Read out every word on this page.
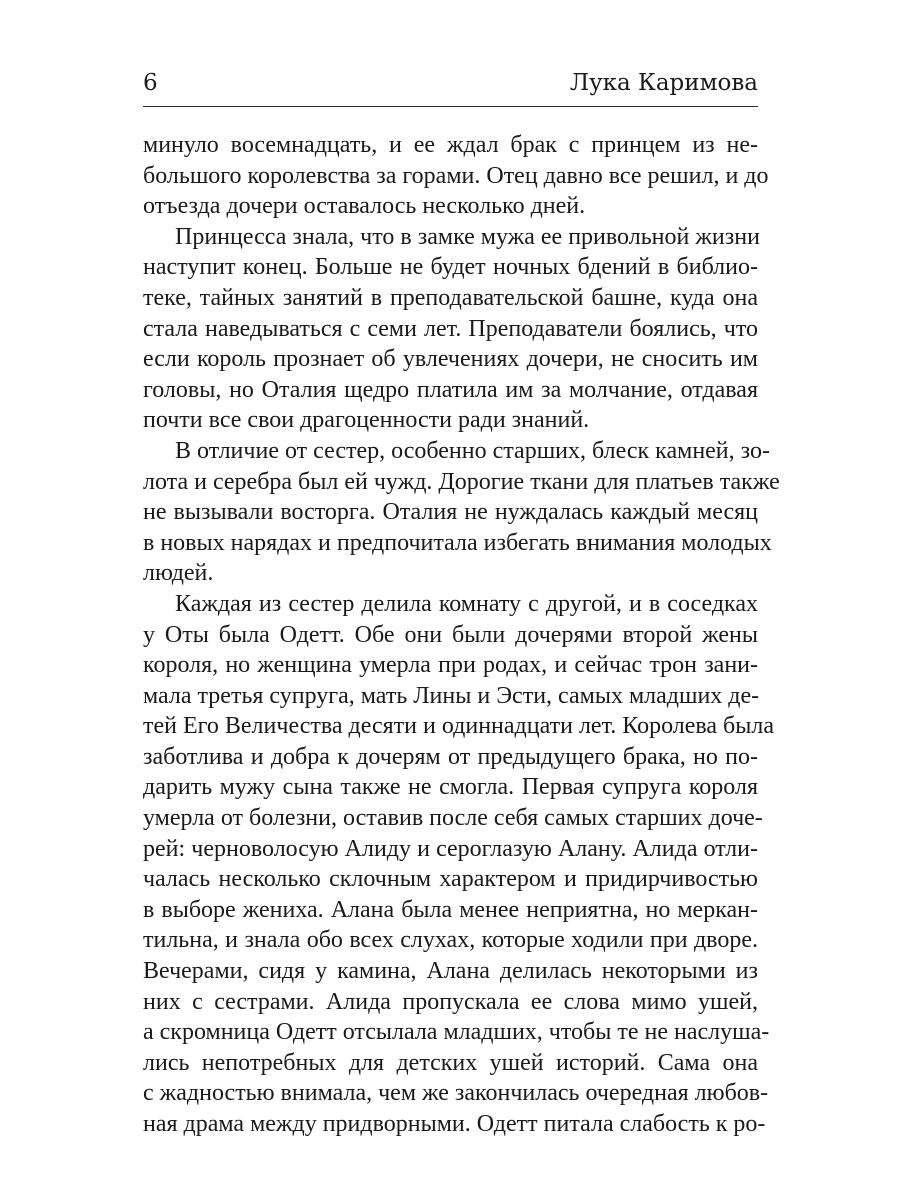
6	Лука Каримова
минуло восемнадцать, и ее ждал брак с принцем из не-
большого королевства за горами. Отец давно все решил, и до
отъезда дочери оставалось несколько дней.
Принцесса знала, что в замке мужа ее привольной жизни
наступит конец. Больше не будет ночных бдений в библио-
теке, тайных занятий в преподавательской башне, куда она
стала наведываться с семи лет. Преподаватели боялись, что
если король прознает об увлечениях дочери, не сносить им
головы, но Оталия щедро платила им за молчание, отдавая
почти все свои драгоценности ради знаний.
В отличие от сестер, особенно старших, блеск камней, зо-
лота и серебра был ей чужд. Дорогие ткани для платьев также
не вызывали восторга. Оталия не нуждалась каждый месяц
в новых нарядах и предпочитала избегать внимания молодых
людей.
Каждая из сестер делила комнату с другой, и в соседках
у Оты была Одетт. Обе они были дочерями второй жены
короля, но женщина умерла при родах, и сейчас трон зани-
мала третья супруга, мать Лины и Эсти, самых младших де-
тей Его Величества десяти и одиннадцати лет. Королева была
заботлива и добра к дочерям от предыдущего брака, но по-
дарить мужу сына также не смогла. Первая супруга короля
умерла от болезни, оставив после себя самых старших доче-
рей: черноволосую Алиду и сероглазую Алану. Алида отли-
чалась несколько склочным характером и придирчивостью
в выборе жениха. Алана была менее неприятна, но меркан-
тильна, и знала обо всех слухах, которые ходили при дворе.
Вечерами, сидя у камина, Алана делилась некоторыми из
них с сестрами. Алида пропускала ее слова мимо ушей,
а скромница Одетт отсылала младших, чтобы те не наслуша-
лись непотребных для детских ушей историй. Сама она
с жадностью внимала, чем же закончилась очередная любов-
ная драма между придворными. Одетт питала слабость к ро-
